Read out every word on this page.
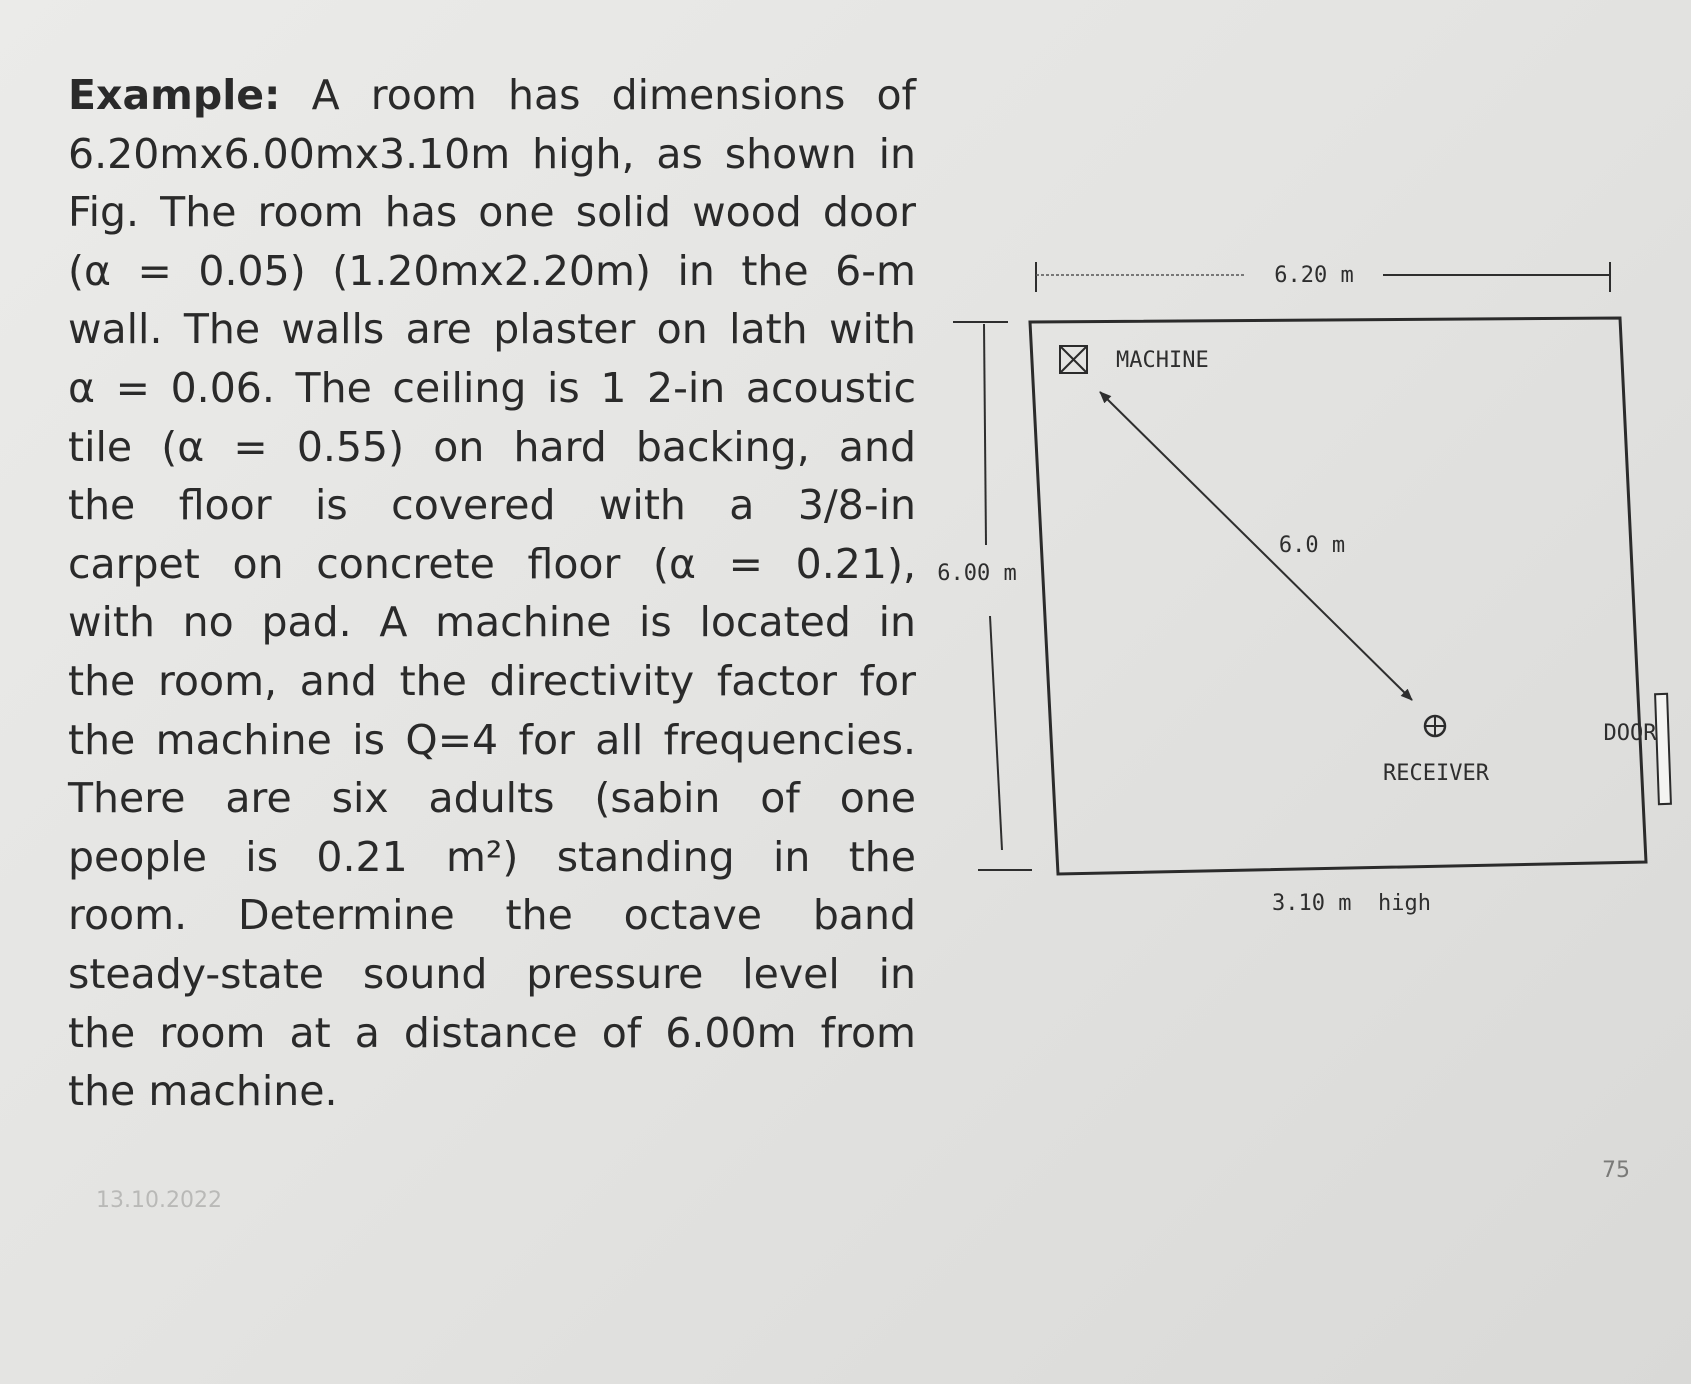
Example: A room has dimensions of
6.20mx6.00mx3.10m high, as shown in
Fig. The room has one solid wood door
(α = 0.05) (1.20mx2.20m) in the 6-m
wall. The walls are plaster on lath with
α = 0.06. The ceiling is 1 2-in acoustic
tile (α = 0.55) on hard backing, and
the floor is covered with a 3/8-in
carpet on concrete floor (α = 0.21),
with no pad. A machine is located in
the room, and the directivity factor for
the machine is Q=4 for all frequencies.
There are six adults (sabin of one
people is 0.21 m²) standing in the
room. Determine the octave band
steady-state sound pressure level in
the room at a distance of 6.00m from
the machine.
6.20 m
6.00 m
DOOR
MACHINE
6.0 m
RECEIVER
3.10 m  high
13.10.2022
75
